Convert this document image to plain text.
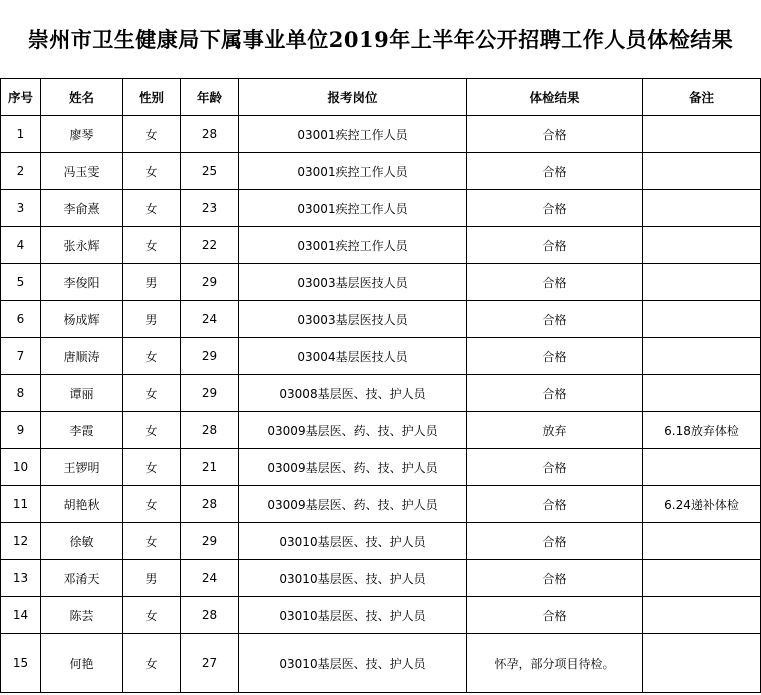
崇州市卫生健康局下属事业单位2019年上半年公开招聘工作人员体检结果
序号	姓名	性别	年龄	报考岗位	体检结果	备注
1	廖琴	女	28	03001疾控工作人员	合格	
2	冯玉雯	女	25	03001疾控工作人员	合格	
3	李俞熹	女	23	03001疾控工作人员	合格	
4	张永辉	女	22	03001疾控工作人员	合格	
5	李俊阳	男	29	03003基层医技人员	合格	
6	杨成辉	男	24	03003基层医技人员	合格	
7	唐顺涛	女	29	03004基层医技人员	合格	
8	谭丽	女	29	03008基层医、技、护人员	合格	
9	李霞	女	28	03009基层医、药、技、护人员	放弃	6.18放弃体检
10	王锣明	女	21	03009基层医、药、技、护人员	合格	
11	胡艳秋	女	28	03009基层医、药、技、护人员	合格	6.24递补体检
12	徐敏	女	29	03010基层医、技、护人员	合格	
13	邓淆天	男	24	03010基层医、技、护人员	合格	
14	陈芸	女	28	03010基层医、技、护人员	合格	
15	何艳	女	27	03010基层医、技、护人员	怀孕，部分项目待检。	
